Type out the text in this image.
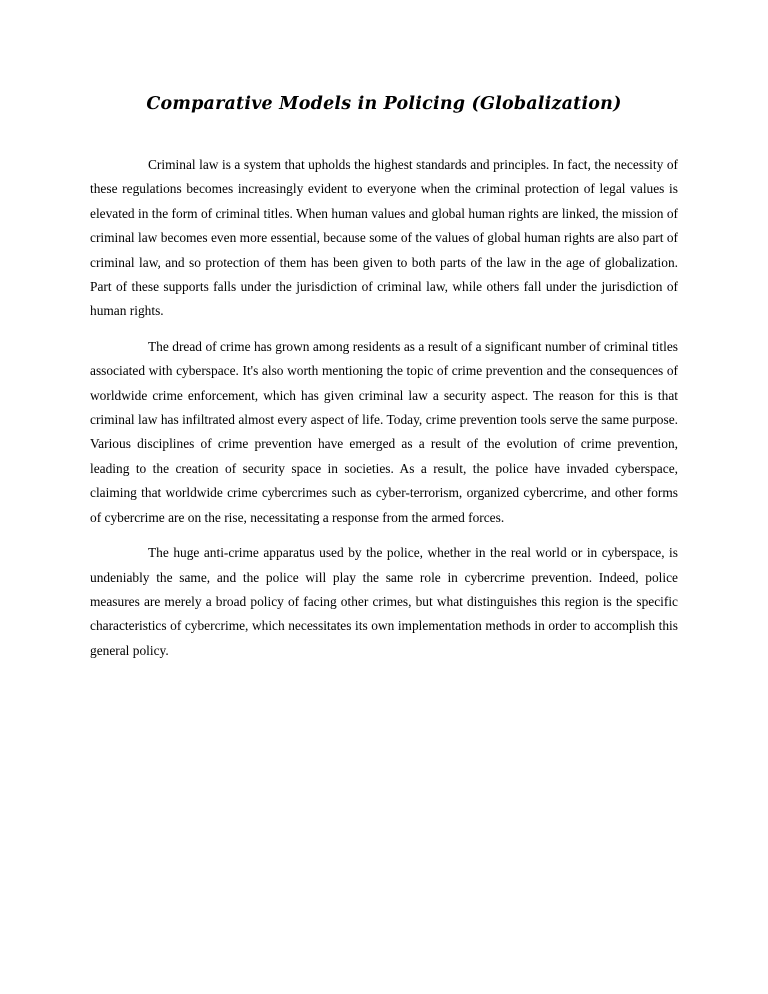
Comparative Models in Policing (Globalization)

Criminal law is a system that upholds the highest standards and principles. In fact, the necessity of these regulations becomes increasingly evident to everyone when the criminal protection of legal values is elevated in the form of criminal titles. When human values and global human rights are linked, the mission of criminal law becomes even more essential, because some of the values of global human rights are also part of criminal law, and so protection of them has been given to both parts of the law in the age of globalization. Part of these supports falls under the jurisdiction of criminal law, while others fall under the jurisdiction of human rights.

The dread of crime has grown among residents as a result of a significant number of criminal titles associated with cyberspace. It's also worth mentioning the topic of crime prevention and the consequences of worldwide crime enforcement, which has given criminal law a security aspect. The reason for this is that criminal law has infiltrated almost every aspect of life. Today, crime prevention tools serve the same purpose. Various disciplines of crime prevention have emerged as a result of the evolution of crime prevention, leading to the creation of security space in societies. As a result, the police have invaded cyberspace, claiming that worldwide crime cybercrimes such as cyber-terrorism, organized cybercrime, and other forms of cybercrime are on the rise, necessitating a response from the armed forces.

The huge anti-crime apparatus used by the police, whether in the real world or in cyberspace, is undeniably the same, and the police will play the same role in cybercrime prevention. Indeed, police measures are merely a broad policy of facing other crimes, but what distinguishes this region is the specific characteristics of cybercrime, which necessitates its own implementation methods in order to accomplish this general policy.
